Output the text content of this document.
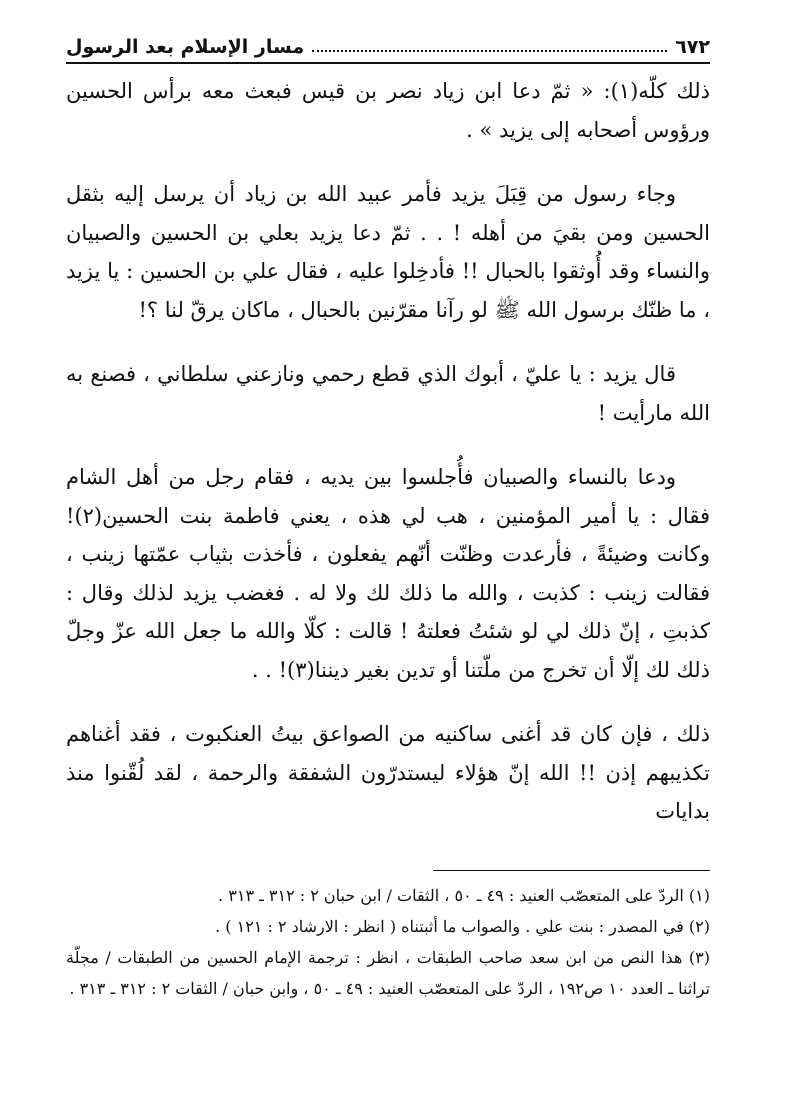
٦٧٢
مسار الإسلام بعد الرسول

ذلك كلّه(١): « ثمّ دعا ابن زياد نصر بن قيس فبعث معه برأس الحسين ورؤوس أصحابه إلى يزيد » .

وجاء رسول من قِبَلَ يزيد فأمر عبيد الله بن زياد أن يرسل إليه بثقل الحسين ومن بقيَ من أهله ! . . ثمّ دعا يزيد بعلي بن الحسين والصبيان والنساء وقد أُوثقوا بالحبال !! فأدخِلوا عليه ، فقال علي بن الحسين : يا يزيد ، ما ظنّك برسول الله ﷺ لو رآنا مقرّنين بالحبال ، ماكان يرقّ لنا ؟!

قال يزيد : يا عليّ ، أبوك الذي قطع رحمي ونازعني سلطاني ، فصنع به الله مارأيت !

ودعا بالنساء والصبيان فأُجلسوا بين يديه ، فقام رجل من أهل الشام فقال : يا أمير المؤمنين ، هب لي هذه ، يعني فاطمة بنت الحسين(٢)! وكانت وضيئةً ، فأرعدت وظنّت أنّهم يفعلون ، فأخذت بثياب عمّتها زينب ، فقالت زينب : كذبت ، والله ما ذلك لك ولا له . فغضب يزيد لذلك وقال : كذبتِ ، إنّ ذلك لي لو شئتُ فعلتهُ ! قالت : كلّا والله ما جعل الله عزّ وجلّ ذلك لك إلّا أن تخرج من ملّتنا أو تدين بغير ديننا(٣)! . .

ذلك ، فإن كان قد أغنى ساكنيه من الصواعق بيتُ العنكبوت ، فقد أغناهم تكذيبهم إذن !! الله إنّ هؤلاء ليستدرّون الشفقة والرحمة ، لقد لُقّنوا منذ بدايات

(١) الردّ على المتعصّب العنيد : ٤٩ ـ ٥٠ ، الثقات / ابن حبان ٢ : ٣١٢ ـ ٣١٣ .

(٢) في المصدر : بنت علي . والصواب ما أثبتناه ( انظر : الارشاد ٢ : ١٢١ ) .

(٣) هذا النص من ابن سعد صاحب الطبقات ، انظر : ترجمة الإمام الحسين من الطبقات / مجلّة تراثنا ـ العدد ١٠ ص١٩٢ ، الردّ على المتعصّب العنيد : ٤٩ ـ ٥٠ ، وابن حبان / الثقات ٢ : ٣١٢ ـ ٣١٣ .
